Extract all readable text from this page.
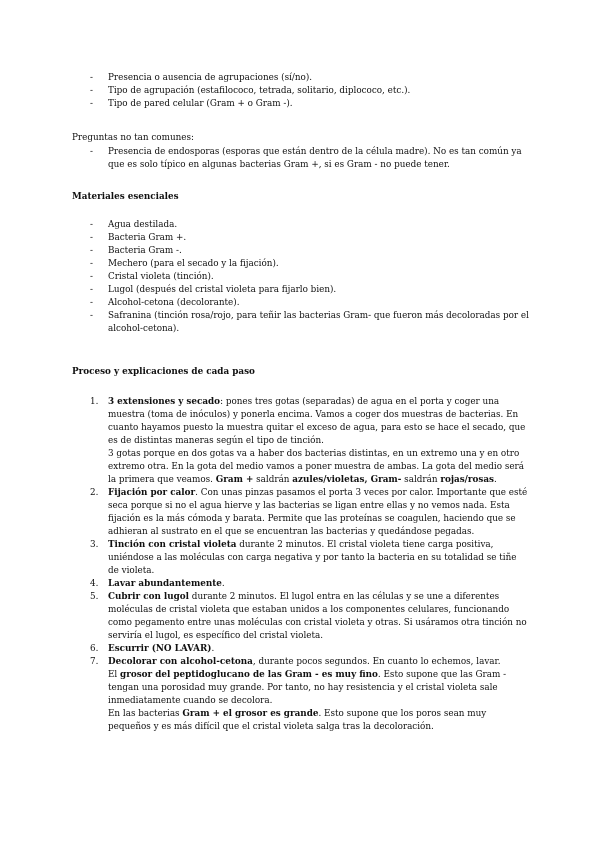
- Presencia o ausencia de agrupaciones (sí/no).
- Tipo de agrupación (estafilococo, tetrada, solitario, diplococo, etc.).
- Tipo de pared celular (Gram + o Gram -).
Preguntas no tan comunes:
- Presencia de endosporas (esporas que están dentro de la célula madre). No es tan común ya que es solo típico en algunas bacterias Gram +, si es Gram - no puede tener.
Materiales esenciales
- Agua destilada.
- Bacteria Gram +.
- Bacteria Gram -.
- Mechero (para el secado y la fijación).
- Cristal violeta (tinción).
- Lugol (después del cristal violeta para fijarlo bien).
- Alcohol-cetona (decolorante).
- Safranina (tinción rosa/rojo, para teñir las bacterias Gram- que fueron más decoloradas por el alcohol-cetona).
Proceso y explicaciones de cada paso
1. 3 extensiones y secado: pones tres gotas (separadas) de agua en el porta y coger una muestra (toma de inóculos) y ponerla encima. Vamos a coger dos muestras de bacterias. En cuanto hayamos puesto la muestra quitar el exceso de agua, para esto se hace el secado, que es de distintas maneras según el tipo de tinción.
3 gotas porque en dos gotas va a haber dos bacterias distintas, en un extremo una y en otro extremo otra. En la gota del medio vamos a poner muestra de ambas. La gota del medio será la primera que veamos. Gram + saldrán azules/violetas, Gram- saldrán rojas/rosas.
2. Fijación por calor. Con unas pinzas pasamos el porta 3 veces por calor. Importante que esté seca porque si no el agua hierve y las bacterias se ligan entre ellas y no vemos nada. Esta fijación es la más cómoda y barata. Permite que las proteínas se coagulen, haciendo que se adhieran al sustrato en el que se encuentran las bacterias y quedándose pegadas.
3. Tinción con cristal violeta durante 2 minutos. El cristal violeta tiene carga positiva, uniéndose a las moléculas con carga negativa y por tanto la bacteria en su totalidad se tiñe de violeta.
4. Lavar abundantemente.
5. Cubrir con lugol durante 2 minutos. El lugol entra en las células y se une a diferentes moléculas de cristal violeta que estaban unidos a los componentes celulares, funcionando como pegamento entre unas moléculas con cristal violeta y otras. Si usáramos otra tinción no serviría el lugol, es específico del cristal violeta.
6. Escurrir (NO LAVAR).
7. Decolorar con alcohol-cetona, durante pocos segundos. En cuanto lo echemos, lavar.
El grosor del peptidoglucano de las Gram - es muy fino. Esto supone que las Gram - tengan una porosidad muy grande. Por tanto, no hay resistencia y el cristal violeta sale inmediatamente cuando se decolora.
En las bacterias Gram + el grosor es grande. Esto supone que los poros sean muy pequeños y es más difícil que el cristal violeta salga tras la decoloración.
